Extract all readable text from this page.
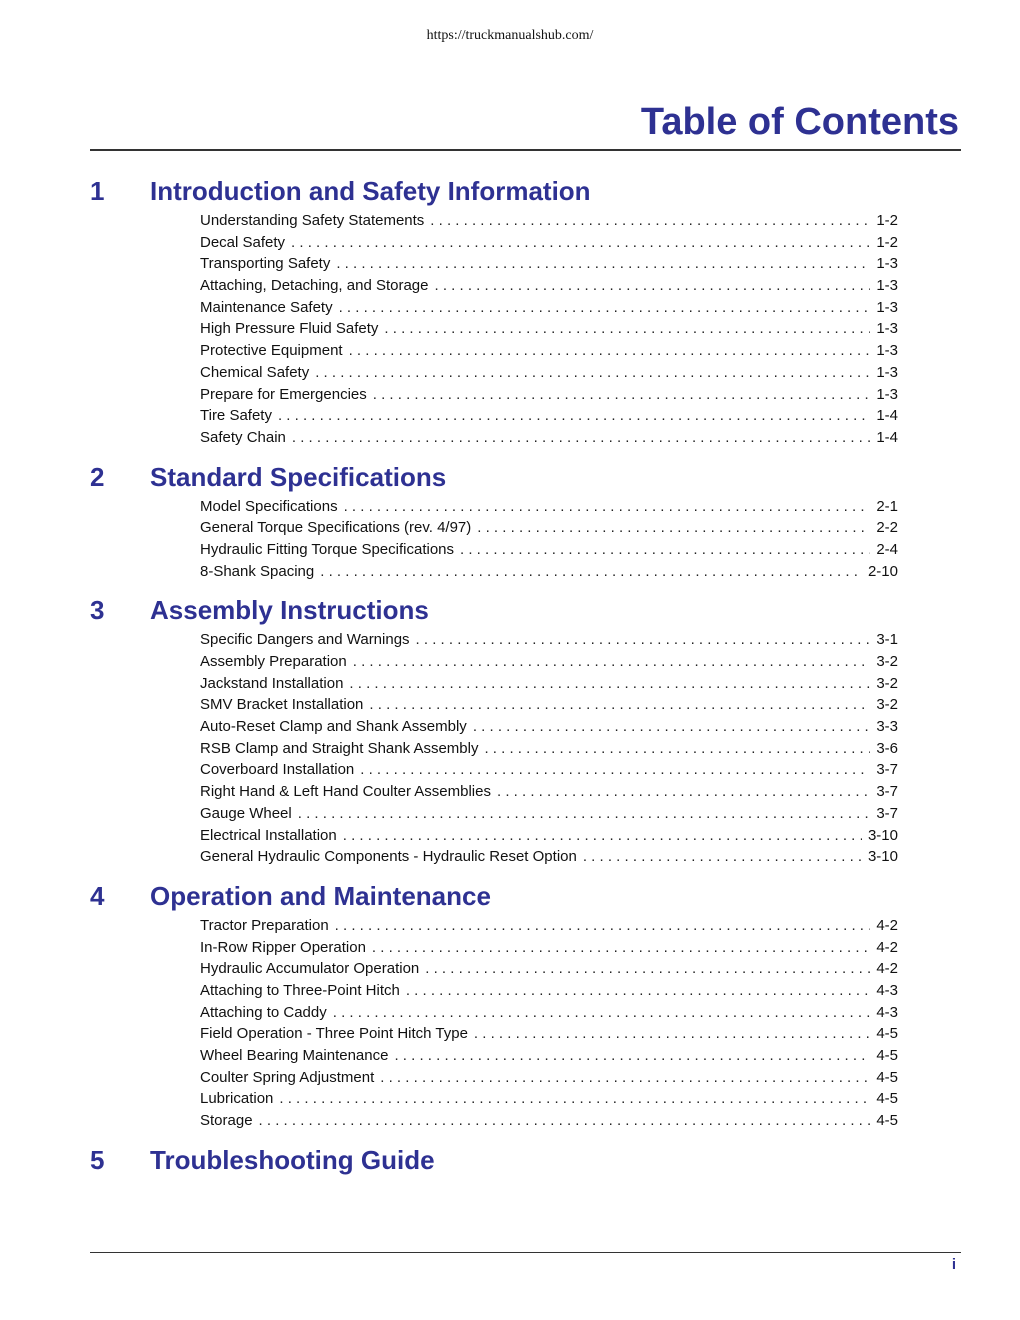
https://truckmanualshub.com/
Table of Contents
1	Introduction and Safety Information
Understanding Safety Statements . . .	1-2
Decal Safety . . .	1-2
Transporting Safety . . .	1-3
Attaching, Detaching, and Storage . . .	1-3
Maintenance Safety . . .	1-3
High Pressure Fluid Safety . . .	1-3
Protective Equipment . . .	1-3
Chemical Safety . . .	1-3
Prepare for Emergencies . . .	1-3
Tire Safety . . .	1-4
Safety Chain . . .	1-4
2	Standard Specifications
Model Specifications . . .	2-1
General Torque Specifications (rev. 4/97) . . .	2-2
Hydraulic Fitting Torque Specifications . . .	2-4
8-Shank Spacing . . .	2-10
3	Assembly Instructions
Specific Dangers and Warnings . . .	3-1
Assembly Preparation . . .	3-2
Jackstand Installation . . .	3-2
SMV Bracket Installation . . .	3-2
Auto-Reset Clamp and Shank Assembly . . .	3-3
RSB Clamp and Straight Shank Assembly . . .	3-6
Coverboard Installation . . .	3-7
Right Hand & Left Hand Coulter Assemblies . . .	3-7
Gauge Wheel . . .	3-7
Electrical Installation . . .	3-10
General Hydraulic Components - Hydraulic Reset Option . . .	3-10
4	Operation and Maintenance
Tractor Preparation . . .	4-2
In-Row Ripper Operation . . .	4-2
Hydraulic Accumulator Operation . . .	4-2
Attaching to Three-Point Hitch . . .	4-3
Attaching to Caddy . . .	4-3
Field Operation - Three Point Hitch Type . . .	4-5
Wheel Bearing Maintenance . . .	4-5
Coulter Spring Adjustment . . .	4-5
Lubrication . . .	4-5
Storage . . .	4-5
5	Troubleshooting Guide
i
